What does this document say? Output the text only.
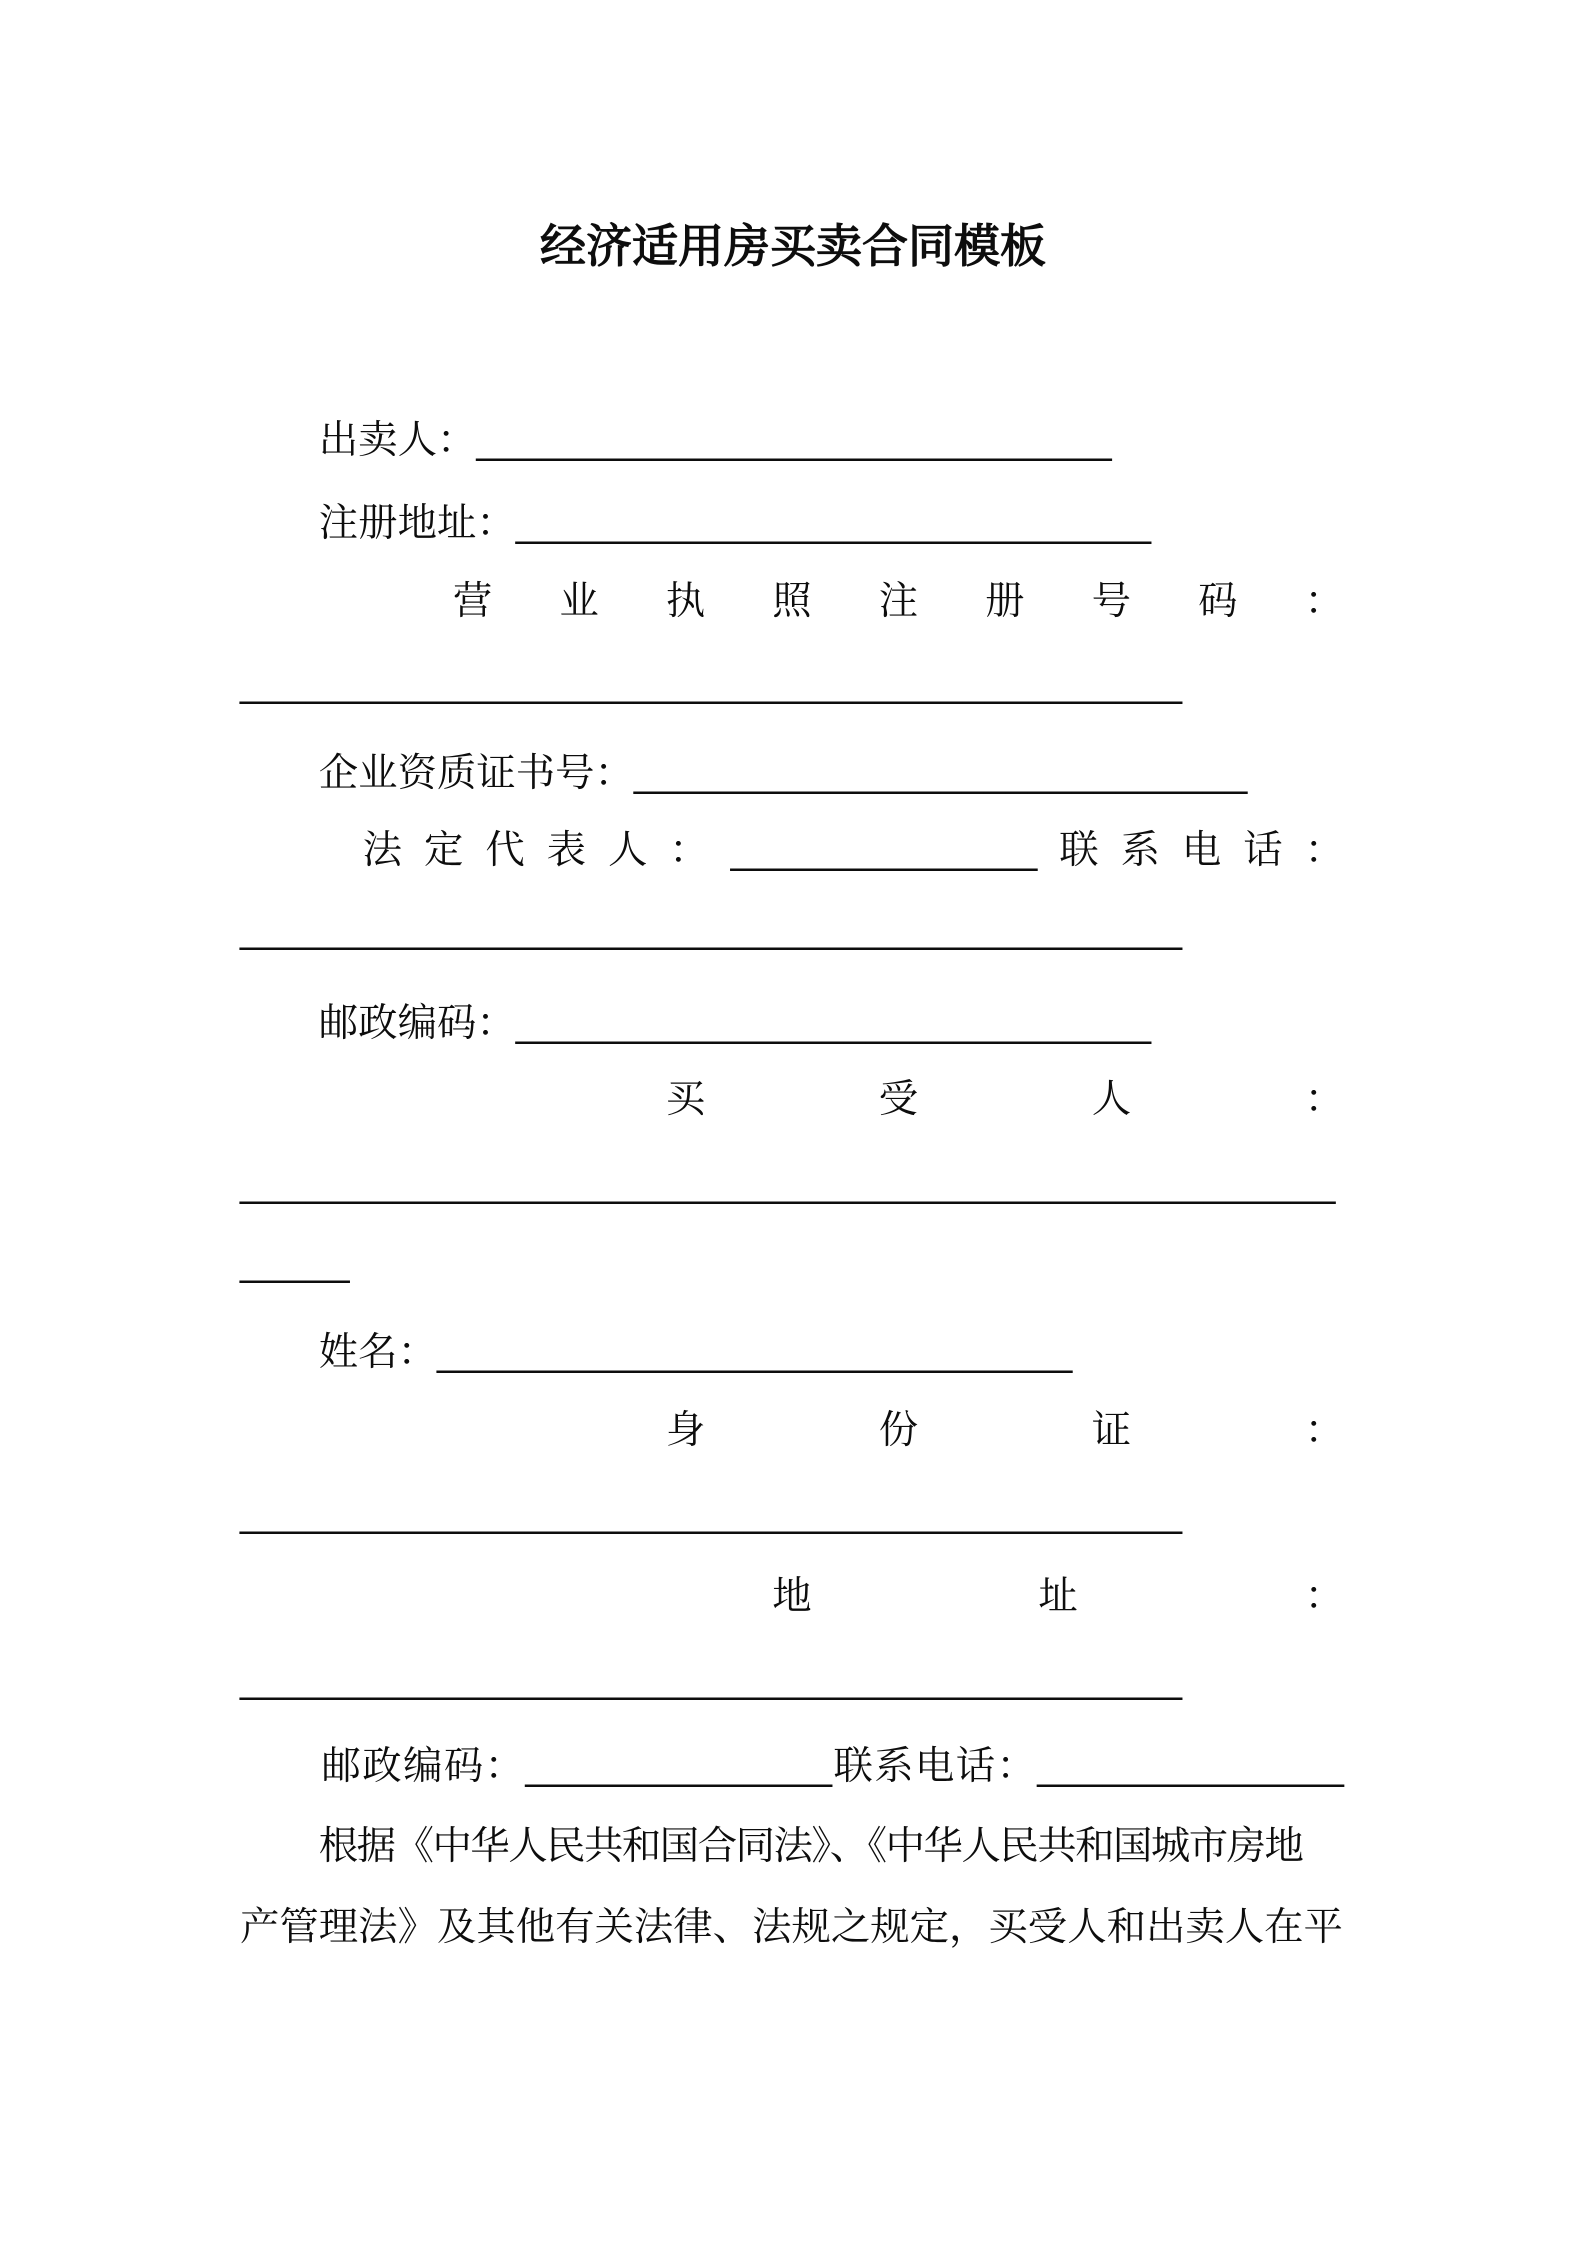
经济适用房买卖合同模板
出卖人：_____________________________
注册地址：_____________________________
营 业 执 照 注 册 号 码 ：
___________________________________________
企业资质证书号：____________________________
法 定 代 表 人 ： ______________ 联 系 电 话 ：
___________________________________________
邮政编码：_____________________________
买	受	人	：
__________________________________________________
_____
姓名：_____________________________
身	份	证	：
___________________________________________
地	址	：
___________________________________________
邮 政 编 码 ： ______________ 联 系 电 话 ： ______________
根据《中华人民共和国合同法》、《中华人民共和国城市房地
产管理法》及其他有关法律、法规之规定，买受人和出卖人在平
